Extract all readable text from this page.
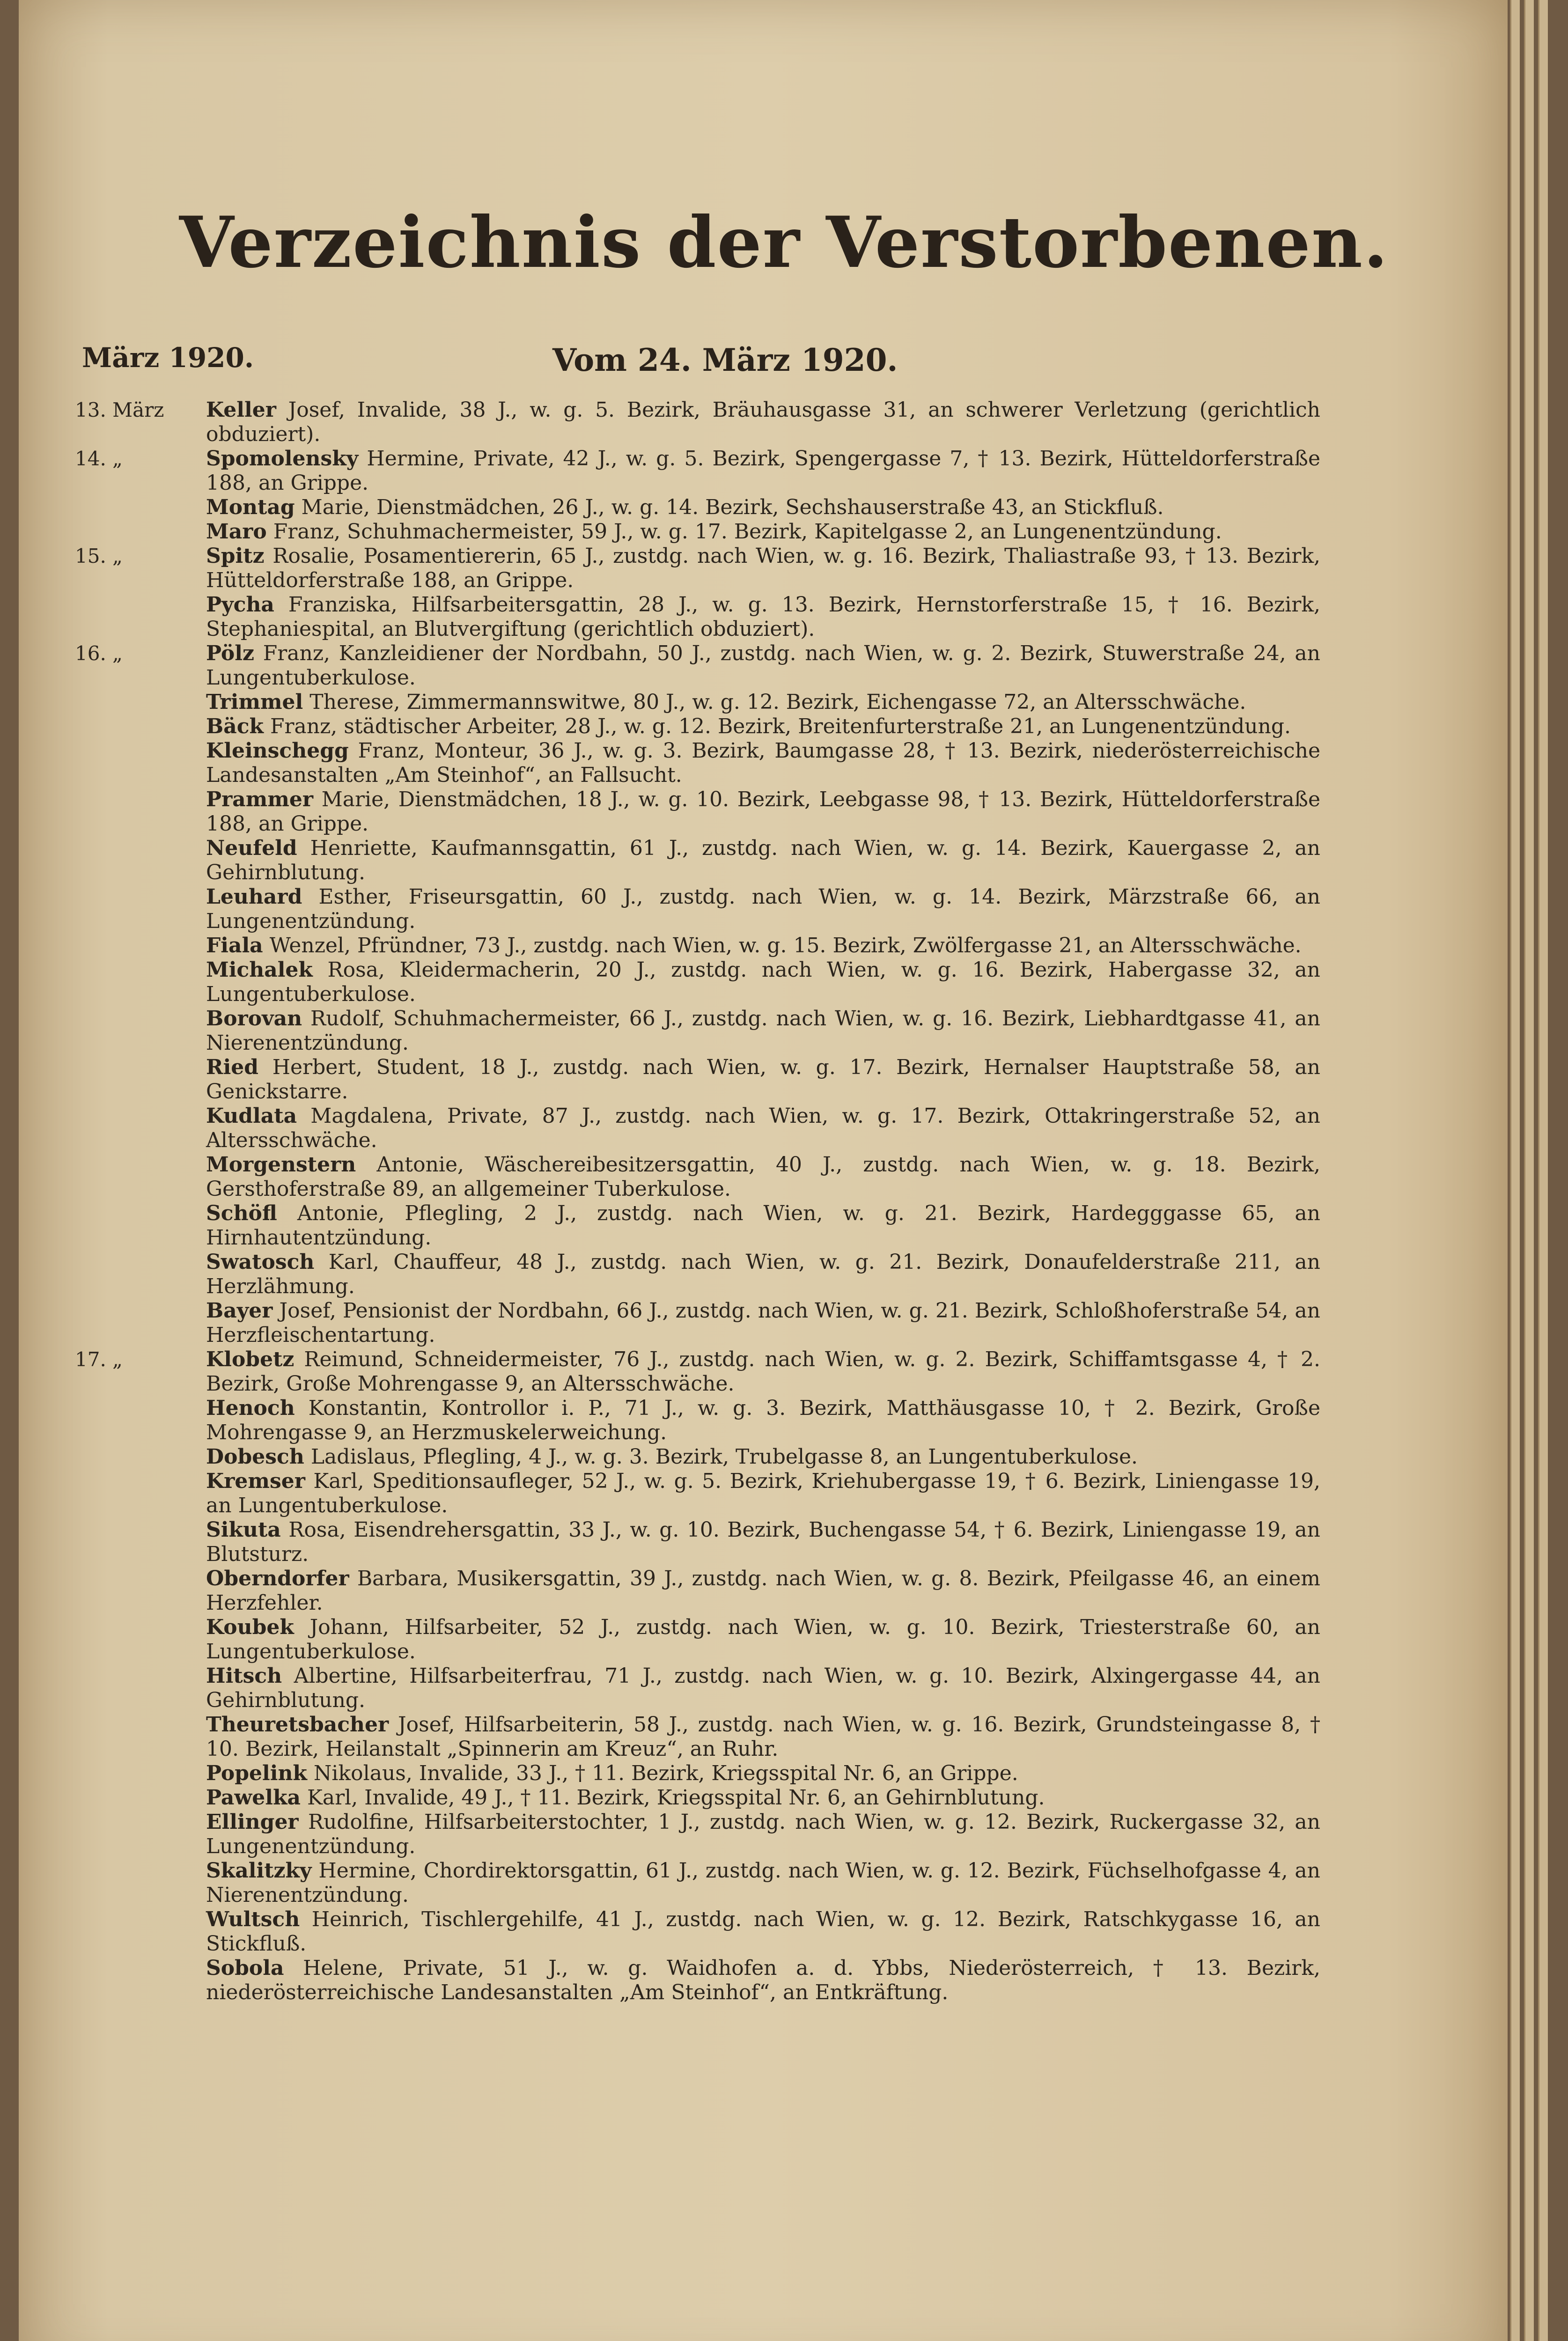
Verzeichnis der Verstorbenen.
März 1920.	Vom 24. März 1920.
13. März	Keller Josef, Invalide, 38 J., w. g. 5. Bezirk, Bräuhausgasse 31, an schwerer Verletzung (gerichtlich obduziert).
14. „	Spomolensky Hermine, Private, 42 J., w. g. 5. Bezirk, Spengergasse 7, † 13. Bezirk, Hütteldorferstraße 188, an Grippe.
Montag Marie, Dienstmädchen, 26 J., w. g. 14. Bezirk, Sechshauserstraße 43, an Stickfluß.
Maro Franz, Schuhmachermeister, 59 J., w. g. 17. Bezirk, Kapitelgasse 2, an Lungenentzündung.
15. „	Spitz Rosalie, Posamentiererin, 65 J., zustdg. nach Wien, w. g. 16. Bezirk, Thaliastraße 93, † 13. Bezirk, Hütteldorferstraße 188, an Grippe.
Pycha Franziska, Hilfsarbeitersgattin, 28 J., w. g. 13. Bezirk, Hernstorferstraße 15, † 16. Bezirk, Stephaniespital, an Blutvergiftung (gerichtlich obduziert).
16. „	Pölz Franz, Kanzleidiener der Nordbahn, 50 J., zustdg. nach Wien, w. g. 2. Bezirk, Stuwerstraße 24, an Lungentuberkulose.
Trimmel Therese, Zimmermannswitwe, 80 J., w. g. 12. Bezirk, Eichengasse 72, an Altersschwäche.
Bäck Franz, städtischer Arbeiter, 28 J., w. g. 12. Bezirk, Breitenfurterstraße 21, an Lungenentzündung.
Kleinschegg Franz, Monteur, 36 J., w. g. 3. Bezirk, Baumgasse 28, † 13. Bezirk, niederösterreichische Landesanstalten „Am Steinhof“, an Fallsucht.
Prammer Marie, Dienstmädchen, 18 J., w. g. 10. Bezirk, Leebgasse 98, † 13. Bezirk, Hütteldorferstraße 188, an Grippe.
Neufeld Henriette, Kaufmannsgattin, 61 J., zustdg. nach Wien, w. g. 14. Bezirk, Kauergasse 2, an Gehirnblutung.
Leuhard Esther, Friseursgattin, 60 J., zustdg. nach Wien, w. g. 14. Bezirk, Märzstraße 66, an Lungenentzündung.
Fiala Wenzel, Pfründner, 73 J., zustdg. nach Wien, w. g. 15. Bezirk, Zwölfergasse 21, an Altersschwäche.
Michalek Rosa, Kleidermacherin, 20 J., zustdg. nach Wien, w. g. 16. Bezirk, Habergasse 32, an Lungentuberkulose.
Borovan Rudolf, Schuhmachermeister, 66 J., zustdg. nach Wien, w. g. 16. Bezirk, Liebhardtgasse 41, an Nierenentzündung.
Ried Herbert, Student, 18 J., zustdg. nach Wien, w. g. 17. Bezirk, Hernalser Hauptstraße 58, an Genickstarre.
Kudlata Magdalena, Private, 87 J., zustdg. nach Wien, w. g. 17. Bezirk, Ottakringerstraße 52, an Altersschwäche.
Morgenstern Antonie, Wäschereibesitzersgattin, 40 J., zustdg. nach Wien, w. g. 18. Bezirk, Gersthoferstraße 89, an allgemeiner Tuberkulose.
Schöfl Antonie, Pflegling, 2 J., zustdg. nach Wien, w. g. 21. Bezirk, Hardegggasse 65, an Hirnhautentzündung.
Swatosch Karl, Chauffeur, 48 J., zustdg. nach Wien, w. g. 21. Bezirk, Donaufelderstraße 211, an Herzlähmung.
Bayer Josef, Pensionist der Nordbahn, 66 J., zustdg. nach Wien, w. g. 21. Bezirk, Schloßhoferstraße 54, an Herzfleischentartung.
17. „	Klobetz Reimund, Schneidermeister, 76 J., zustdg. nach Wien, w. g. 2. Bezirk, Schiffamtsgasse 4, † 2. Bezirk, Große Mohrengasse 9, an Altersschwäche.
Henoch Konstantin, Kontrollor i. P., 71 J., w. g. 3. Bezirk, Matthäusgasse 10, † 2. Bezirk, Große Mohrengasse 9, an Herzmuskelerweichung.
Dobesch Ladislaus, Pflegling, 4 J., w. g. 3. Bezirk, Trubelgasse 8, an Lungentuberkulose.
Kremser Karl, Speditionsaufleger, 52 J., w. g. 5. Bezirk, Kriehubergasse 19, † 6. Bezirk, Liniengasse 19, an Lungentuberkulose.
Sikuta Rosa, Eisendrehersgattin, 33 J., w. g. 10. Bezirk, Buchengasse 54, † 6. Bezirk, Liniengasse 19, an Blutsturz.
Oberndorfer Barbara, Musikersgattin, 39 J., zustdg. nach Wien, w. g. 8. Bezirk, Pfeilgasse 46, an einem Herzfehler.
Koubek Johann, Hilfsarbeiter, 52 J., zustdg. nach Wien, w. g. 10. Bezirk, Triesterstraße 60, an Lungentuberkulose.
Hitsch Albertine, Hilfsarbeiterfrau, 71 J., zustdg. nach Wien, w. g. 10. Bezirk, Alxingergasse 44, an Gehirnblutung.
Theuretsbacher Josef, Hilfsarbeiterin, 58 J., zustdg. nach Wien, w. g. 16. Bezirk, Grundsteingasse 8, † 10. Bezirk, Heilanstalt „Spinnerin am Kreuz“, an Ruhr.
Popelink Nikolaus, Invalide, 33 J., † 11. Bezirk, Kriegsspital Nr. 6, an Grippe.
Pawelka Karl, Invalide, 49 J., † 11. Bezirk, Kriegsspital Nr. 6, an Gehirnblutung.
Ellinger Rudolfine, Hilfsarbeiterstochter, 1 J., zustdg. nach Wien, w. g. 12. Bezirk, Ruckergasse 32, an Lungenentzündung.
Skalitzky Hermine, Chordirektorsgattin, 61 J., zustdg. nach Wien, w. g. 12. Bezirk, Füchselhofgasse 4, an Nierenentzündung.
Wultsch Heinrich, Tischlergehilfe, 41 J., zustdg. nach Wien, w. g. 12. Bezirk, Ratschkygasse 16, an Stickfluß.
Sobola Helene, Private, 51 J., w. g. Waidhofen a. d. Ybbs, Niederösterreich, † 13. Bezirk, niederösterreichische Landesanstalten „Am Steinhof“, an Entkräftung.
